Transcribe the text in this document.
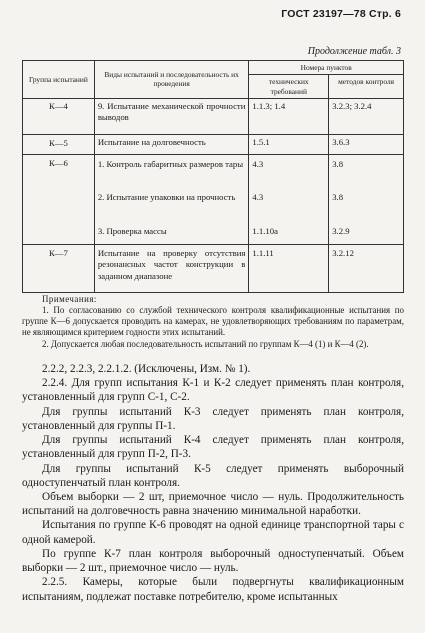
ГОСТ 23197—78 Стр. 6
Продолжение табл. 3
Группа испытаний	Виды испытаний и последовательность их проведения	Номера пунктов	
		технических требований	методов контроля
К—4	9. Испытание механической прочности выводов	1.1.3; 1.4	3.2.3; 3.2.4
К—5	Испытание на долговечность	1.5.1	3.6.3
К—6	1. Контроль габаритных размеров тары	4.3	3.8
	2. Испытание упаковки на прочность	4.3	3.8
	3. Проверка массы	1.1.10а	3.2.9
К—7	Испытание на проверку отсутствия резонансных частот конструкции в заданном диапазоне	1.1.11	3.2.12

Примечания:

1. По согласованию со службой технического контроля квалификационные испытания по группе К—6 допускается проводить на камерах, не удовлетворяющих требованиям по параметрам, не являющимся критерием годности этих испытаний.

2. Допускается любая последовательность испытаний по группам К—4 (1) и К—4 (2).

2.2.2, 2.2.3, 2.2.1.2. (Исключены, Изм. № 1).

2.2.4. Для групп испытания К-1 и К-2 следует применять план контроля, установленный для групп С-1, С-2.

Для группы испытаний К-3 следует применять план контроля, установленный для группы П-1.

Для группы испытаний К-4 следует применять план контроля, установленный для групп П-2, П-3.

Для группы испытаний К-5 следует применять выборочный одноступенчатый план контроля.

Объем выборки — 2 шт, приемочное число — нуль. Продолжительность испытаний на долговечность равна значению минимальной наработки.

Испытания по группе К-6 проводят на одной единице транспортной тары с одной камерой.

По группе К-7 план контроля выборочный одноступенчатый. Объем выборки — 2 шт., приемочное число — нуль.

2.2.5. Камеры, которые были подвергнуты квалификационным испытаниям, подлежат поставке потребителю, кроме испытанных
